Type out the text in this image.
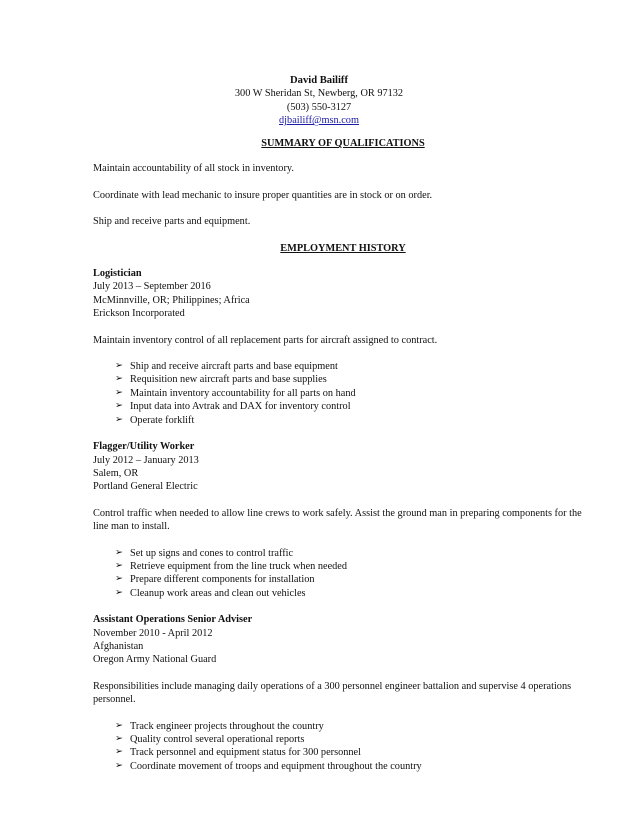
David Bailiff
300 W Sheridan St, Newberg, OR 97132
(503) 550-3127
djbailiff@msn.com
SUMMARY OF QUALIFICATIONS

Maintain accountability of all stock in inventory.

Coordinate with lead mechanic to insure proper quantities are in stock or on order.

Ship and receive parts and equipment.

EMPLOYMENT HISTORY
Logistician
July 2013 – September 2016
McMinnville, OR; Philippines; Africa
Erickson Incorporated

Maintain inventory control of all replacement parts for aircraft assigned to contract.

➢ Ship and receive aircraft parts and base equipment
➢ Requisition new aircraft parts and base supplies
➢ Maintain inventory accountability for all parts on hand
➢ Input data into Avtrak and DAX for inventory control
➢ Operate forklift
Flagger/Utility Worker
July 2012 – January 2013
Salem, OR
Portland General Electric

Control traffic when needed to allow line crews to work safely. Assist the ground man in preparing components for the line man to install.

➢ Set up signs and cones to control traffic
➢ Retrieve equipment from the line truck when needed
➢ Prepare different components for installation
➢ Cleanup work areas and clean out vehicles
Assistant Operations Senior Adviser
November 2010 - April 2012
Afghanistan
Oregon Army National Guard

Responsibilities include managing daily operations of a 300 personnel engineer battalion and supervise 4 operations personnel.

➢ Track engineer projects throughout the country
➢ Quality control several operational reports
➢ Track personnel and equipment status for 300 personnel
➢ Coordinate movement of troops and equipment throughout the country
